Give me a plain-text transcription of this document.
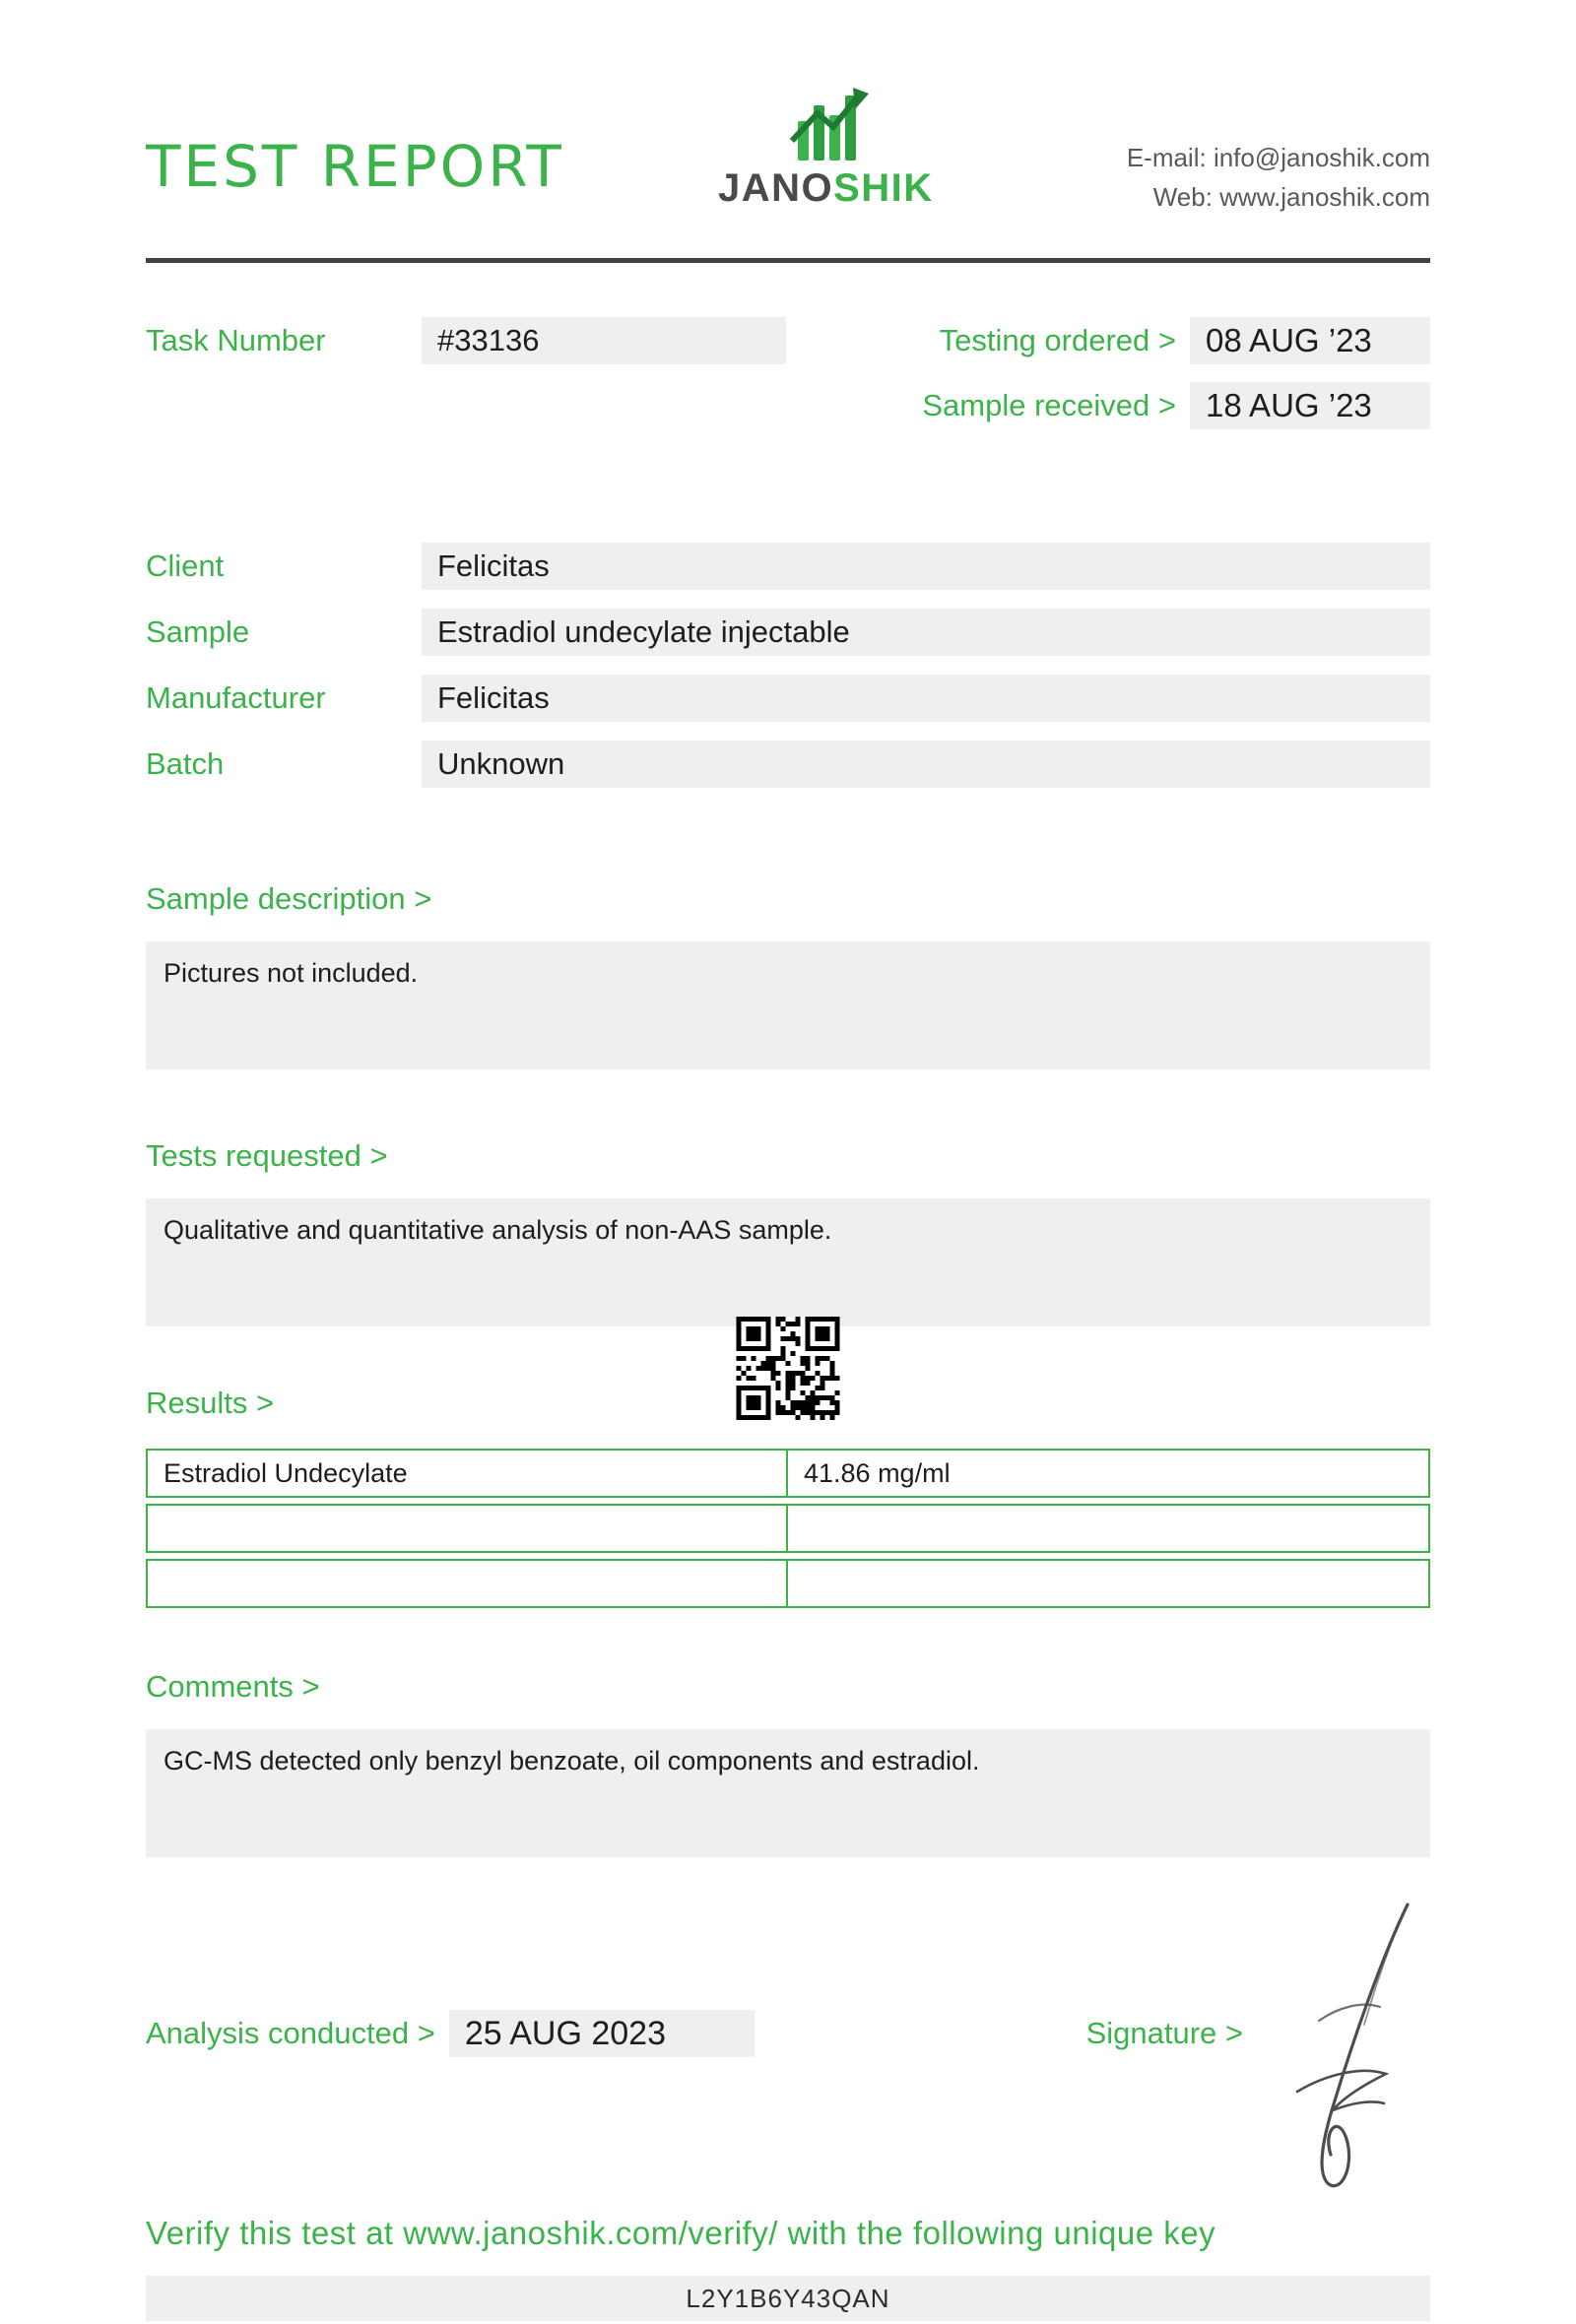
TEST REPORT	JANOSHIK
E-mail: info@janoshik.com
Web: www.janoshik.com
Task Number	#33136	Testing ordered > 08 AUG ’23
Sample received > 18 AUG ’23
Client	Felicitas
Sample	Estradiol undecylate injectable
Manufacturer	Felicitas
Batch	Unknown
Sample description >
Pictures not included.
Tests requested >
Qualitative and quantitative analysis of non-AAS sample.
Results >
Estradiol Undecylate	41.86 mg/ml
Comments >
GC-MS detected only benzyl benzoate, oil components and estradiol.
Analysis conducted > 25 AUG 2023	Signature >
Verify this test at www.janoshik.com/verify/ with the following unique key
L2Y1B6Y43QAN
